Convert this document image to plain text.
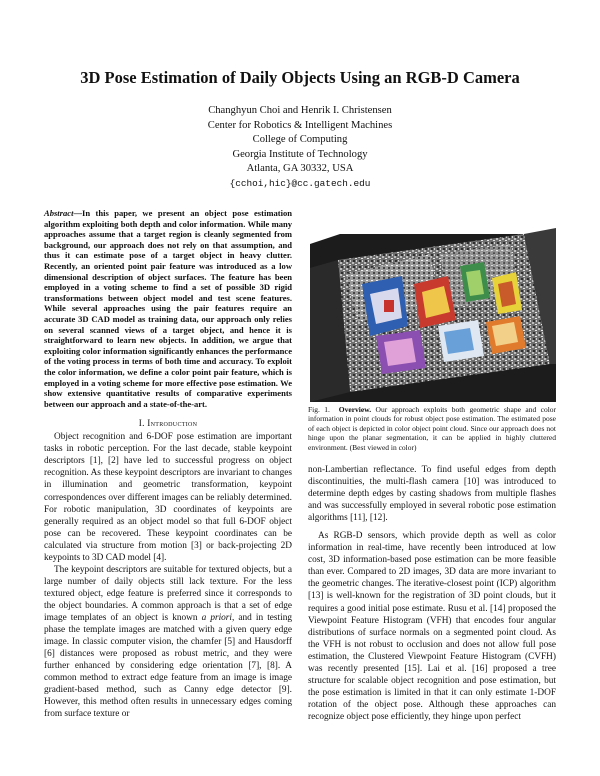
3D Pose Estimation of Daily Objects Using an RGB-D Camera
Changhyun Choi and Henrik I. Christensen
Center for Robotics & Intelligent Machines
College of Computing
Georgia Institute of Technology
Atlanta, GA 30332, USA
{cchoi,hic}@cc.gatech.edu

Abstract—In this paper, we present an object pose estimation algorithm exploiting both depth and color information. While many approaches assume that a target region is cleanly segmented from background, our approach does not rely on that assumption, and thus it can estimate pose of a target object in heavy clutter. Recently, an oriented point pair feature was introduced as a low dimensional description of object surfaces. The feature has been employed in a voting scheme to find a set of possible 3D rigid transformations between object model and test scene features. While several approaches using the pair features require an accurate 3D CAD model as training data, our approach only relies on several scanned views of a target object, and hence it is straightforward to learn new objects. In addition, we argue that exploiting color information significantly enhances the performance of the voting process in terms of both time and accuracy. To exploit the color information, we define a color point pair feature, which is employed in a voting scheme for more effective pose estimation. We show extensive quantitative results of comparative experiments between our approach and a state-of-the-art.

I. Introduction

Object recognition and 6-DOF pose estimation are important tasks in robotic perception. For the last decade, stable keypoint descriptors [1], [2] have led to successful progress on object recognition. As these keypoint descriptors are invariant to changes in illumination and geometric transformation, keypoint correspondences over different images can be reliably determined. For robotic manipulation, 3D coordinates of keypoints are generally required as an object model so that full 6-DOF object pose can be recovered. These keypoint coordinates can be calculated via structure from motion [3] or back-projecting 2D keypoints to 3D CAD model [4].

The keypoint descriptors are suitable for textured objects, but a large number of daily objects still lack texture. For the less textured object, edge feature is preferred since it corresponds to the object boundaries. A common approach is that a set of edge image templates of an object is known a priori, and in testing phase the template images are matched with a given query edge image. In classic computer vision, the chamfer [5] and Hausdorff [6] distances were proposed as robust metric, and they were further enhanced by considering edge orientation [7], [8]. A common method to extract edge feature from an image is image gradient-based method, such as Canny edge detector [9]. However, this method often results in unnecessary edges coming from surface texture or

Fig. 1. Overview. Our approach exploits both geometric shape and color information in point clouds for robust object pose estimation. The estimated pose of each object is depicted in color object point cloud. Since our approach does not hinge upon the planar segmentation, it can be applied in highly cluttered environment. (Best viewed in color)

non-Lambertian reflectance. To find useful edges from depth discontinuities, the multi-flash camera [10] was introduced to determine depth edges by casting shadows from multiple flashes and was successfully employed in several robotic pose estimation algorithms [11], [12].

As RGB-D sensors, which provide depth as well as color information in real-time, have recently been introduced at low cost, 3D information-based pose estimation can be more feasible than ever. Compared to 2D images, 3D data are more invariant to the geometric changes. The iterative-closest point (ICP) algorithm [13] is well-known for the registration of 3D point clouds, but it requires a good initial pose estimate. Rusu et al. [14] proposed the Viewpoint Feature Histogram (VFH) that encodes four angular distributions of surface normals on a segmented point cloud. As the VFH is not robust to occlusion and does not allow full pose estimation, the Clustered Viewpoint Feature Histogram (CVFH) was recently presented [15]. Lai et al. [16] proposed a tree structure for scalable object recognition and pose estimation, but the pose estimation is limited in that it can only estimate 1-DOF rotation of the object pose. Although these approaches can recognize object pose efficiently, they hinge upon perfect
